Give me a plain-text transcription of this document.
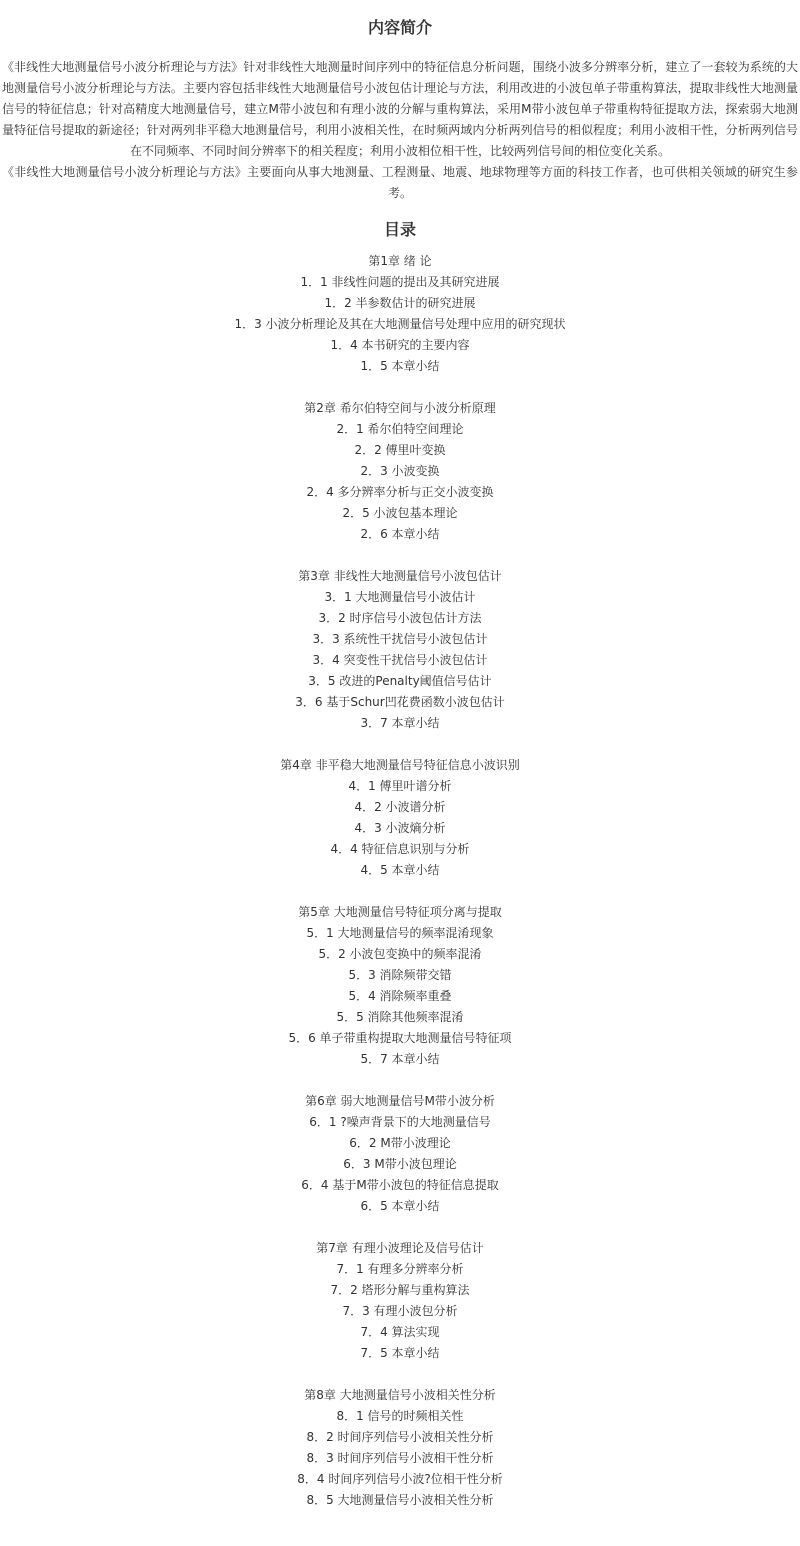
内容简介

《非线性大地测量信号小波分析理论与方法》针对非线性大地测量时间序列中的特征信息分析问题，围绕小波多分辨率分析，建立了一套较为系统的大地测量信号小波分析理论与方法。主要内容包括非线性大地测量信号小波包估计理论与方法，利用改进的小波包单子带重构算法，提取非线性大地测量信号的特征信息；针对高精度大地测量信号，建立M带小波包和有理小波的分解与重构算法，采用M带小波包单子带重构特征提取方法，探索弱大地测量特征信号提取的新途径；针对两列非平稳大地测量信号，利用小波相关性，在时频两域内分析两列信号的相似程度；利用小波相干性，分析两列信号在不同频率、不同时间分辨率下的相关程度；利用小波相位相干性，比较两列信号间的相位变化关系。

《非线性大地测量信号小波分析理论与方法》主要面向从事大地测量、工程测量、地震、地球物理等方面的科技工作者，也可供相关领域的研究生参考。

目录
第1章 绪 论
1．1 非线性问题的提出及其研究进展
1．2 半参数估计的研究进展
1．3 小波分析理论及其在大地测量信号处理中应用的研究现状
1．4 本书研究的主要内容
1．5 本章小结
第2章 希尔伯特空间与小波分析原理
2．1 希尔伯特空间理论
2．2 傅里叶变换
2．3 小波变换
2．4 多分辨率分析与正交小波变换
2．5 小波包基本理论
2．6 本章小结
第3章 非线性大地测量信号小波包估计
3．1 大地测量信号小波估计
3．2 时序信号小波包估计方法
3．3 系统性干扰信号小波包估计
3．4 突变性干扰信号小波包估计
3．5 改进的Penalty阈值信号估计
3．6 基于Schur凹花费函数小波包估计
3．7 本章小结
第4章 非平稳大地测量信号特征信息小波识别
4．1 傅里叶谱分析
4．2 小波谱分析
4．3 小波熵分析
4．4 特征信息识别与分析
4．5 本章小结
第5章 大地测量信号特征项分离与提取
5．1 大地测量信号的频率混淆现象
5．2 小波包变换中的频率混淆
5．3 消除频带交错
5．4 消除频率重叠
5．5 消除其他频率混淆
5．6 单子带重构提取大地测量信号特征项
5．7 本章小结
第6章 弱大地测量信号M带小波分析
6．1 ?噪声背景下的大地测量信号
6．2 M带小波理论
6．3 M带小波包理论
6．4 基于M带小波包的特征信息提取
6．5 本章小结
第7章 有理小波理论及信号估计
7．1 有理多分辨率分析
7．2 塔形分解与重构算法
7．3 有理小波包分析
7．4 算法实现
7．5 本章小结
第8章 大地测量信号小波相关性分析
8．1 信号的时频相关性
8．2 时间序列信号小波相关性分析
8．3 时间序列信号小波相干性分析
8．4 时间序列信号小波?位相干性分析
8．5 大地测量信号小波相关性分析
